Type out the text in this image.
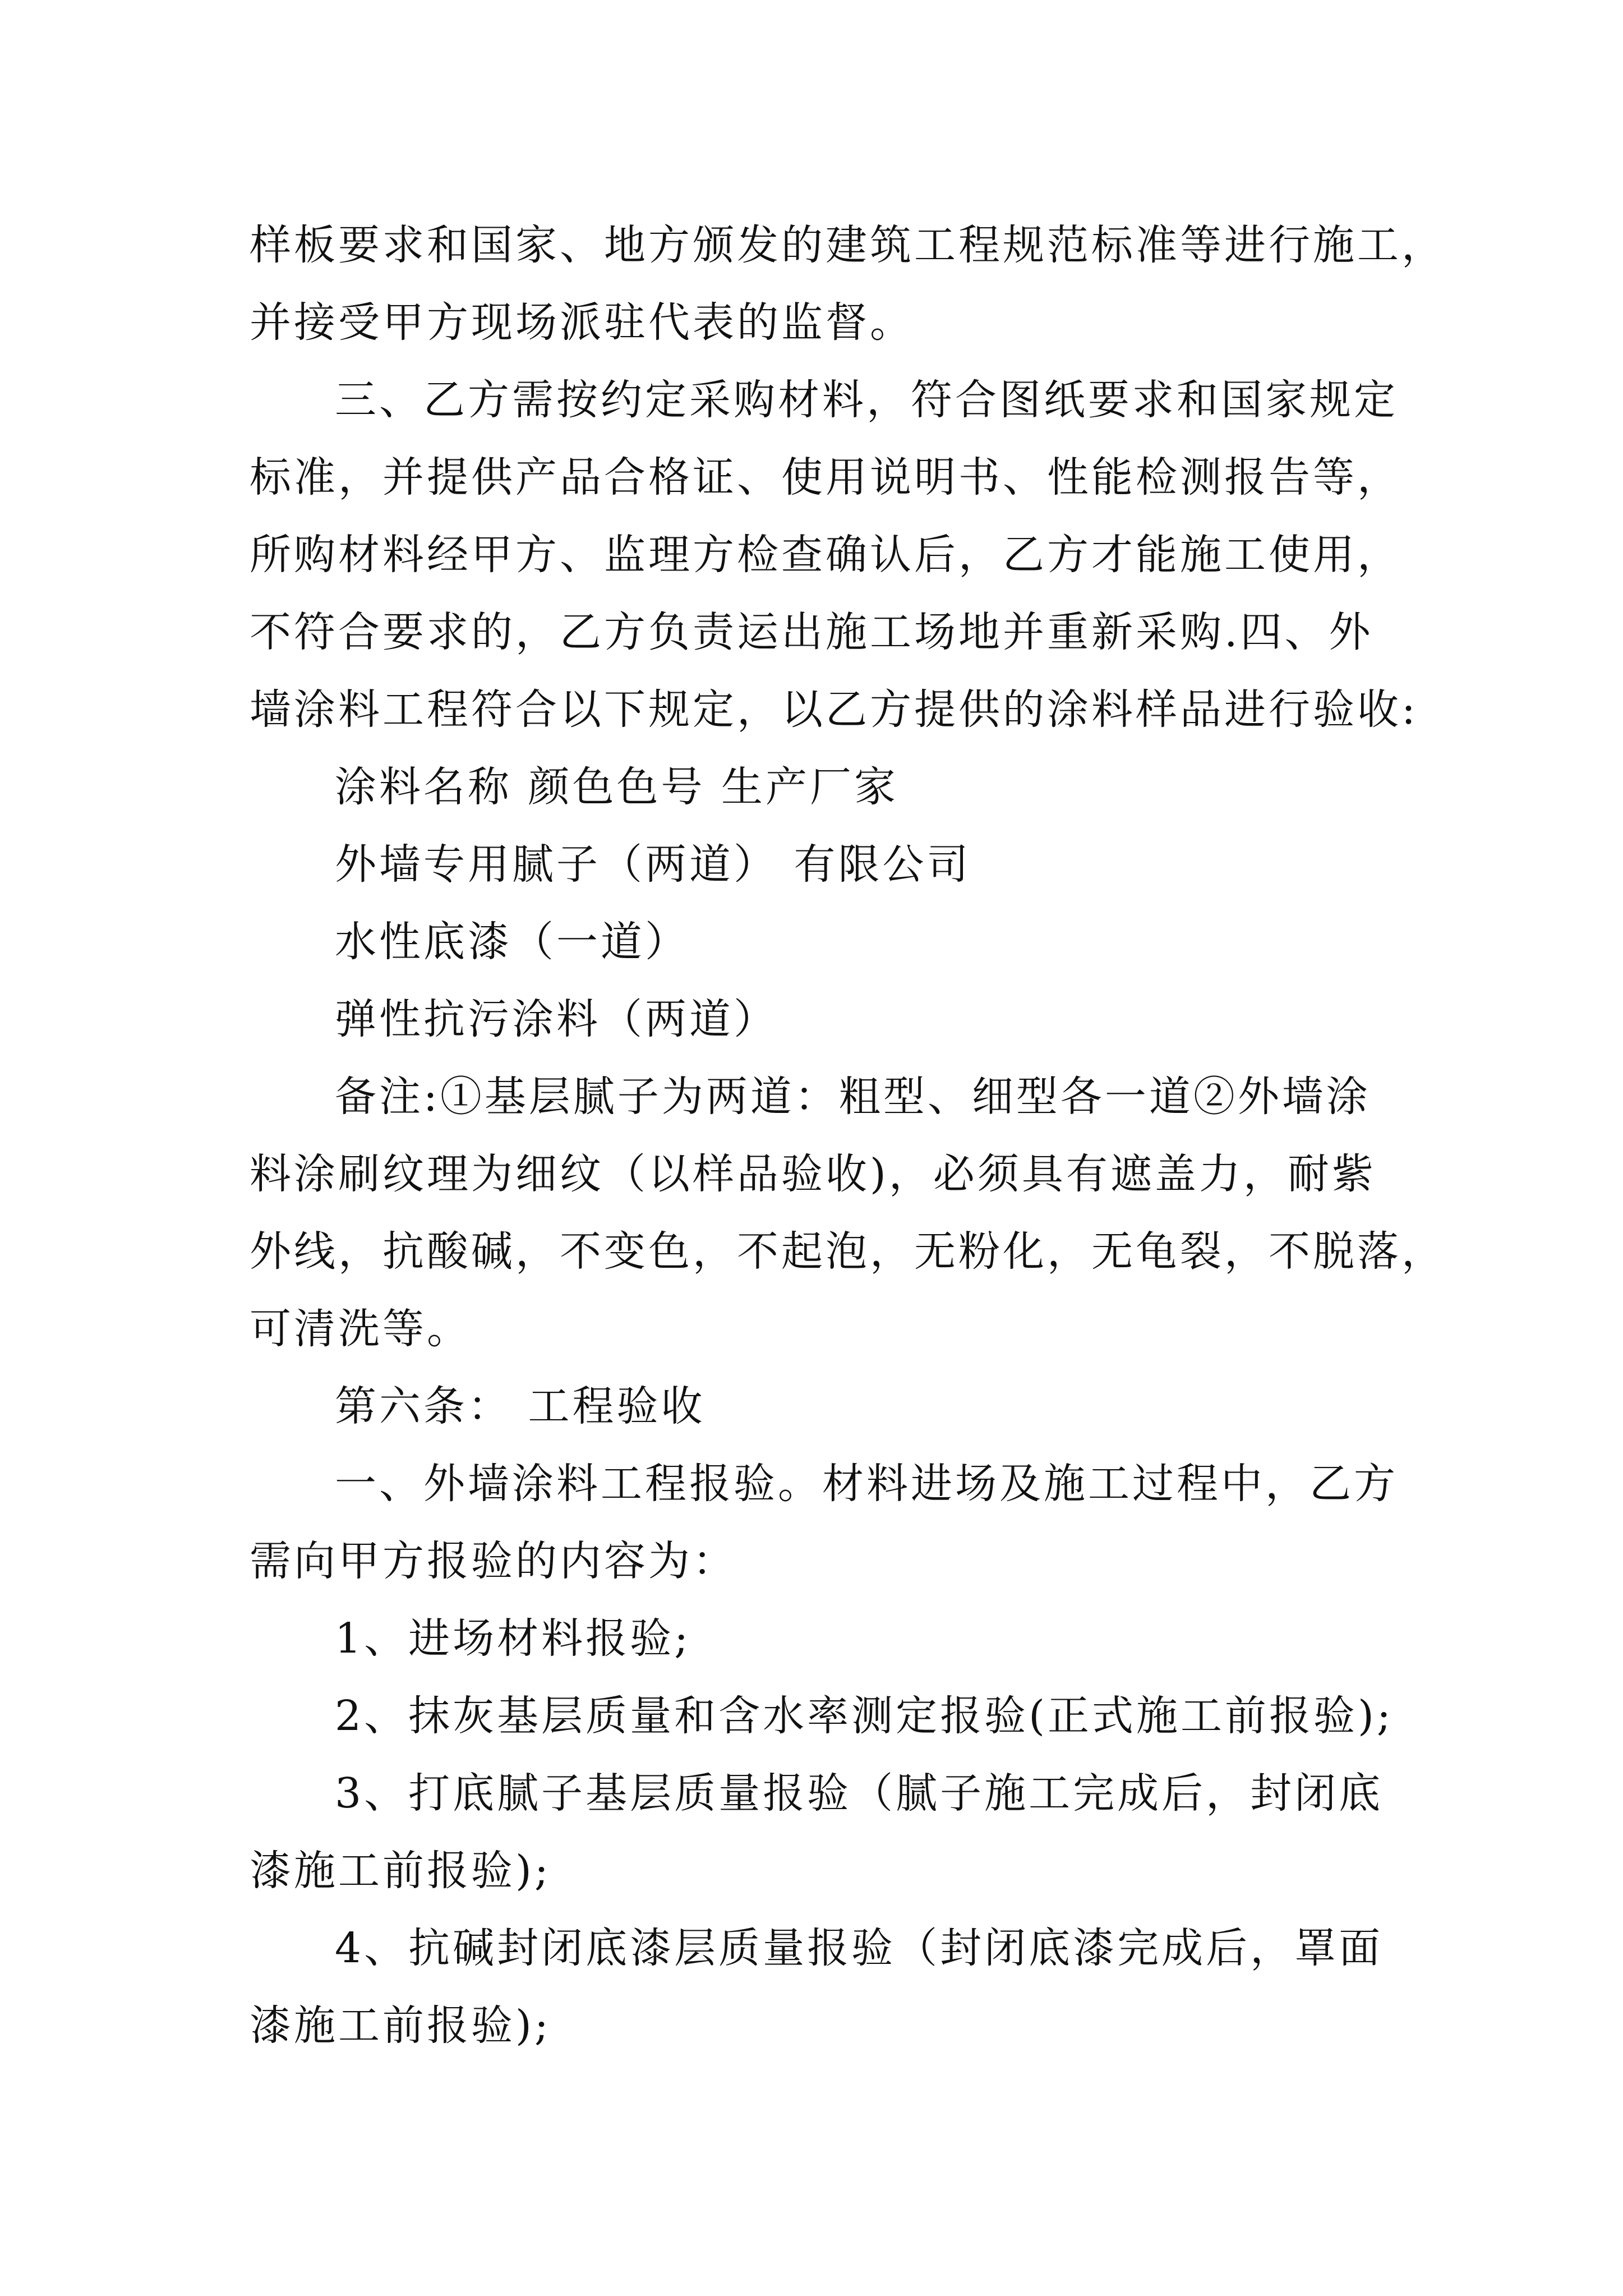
样板要求和国家、地方颁发的建筑工程规范标准等进行施工，
并接受甲方现场派驻代表的监督。
三、乙方需按约定采购材料，符合图纸要求和国家规定
标准，并提供产品合格证、使用说明书、性能检测报告等，
所购材料经甲方、监理方检查确认后，乙方才能施工使用，
不符合要求的，乙方负责运出施工场地并重新采购.四、外
墙涂料工程符合以下规定，以乙方提供的涂料样品进行验收:
涂料名称 颜色色号 生产厂家
外墙专用腻子（两道） 有限公司
水性底漆（一道）
弹性抗污涂料（两道）
备注:①基层腻子为两道：粗型、细型各一道②外墙涂
料涂刷纹理为细纹（以样品验收)，必须具有遮盖力，耐紫
外线，抗酸碱，不变色，不起泡，无粉化，无龟裂，不脱落，
可清洗等。
第六条： 工程验收
一、外墙涂料工程报验。材料进场及施工过程中，乙方
需向甲方报验的内容为：
1、进场材料报验;
2、抹灰基层质量和含水率测定报验(正式施工前报验);
3、打底腻子基层质量报验（腻子施工完成后，封闭底
漆施工前报验);
4、抗碱封闭底漆层质量报验（封闭底漆完成后，罩面
漆施工前报验);
